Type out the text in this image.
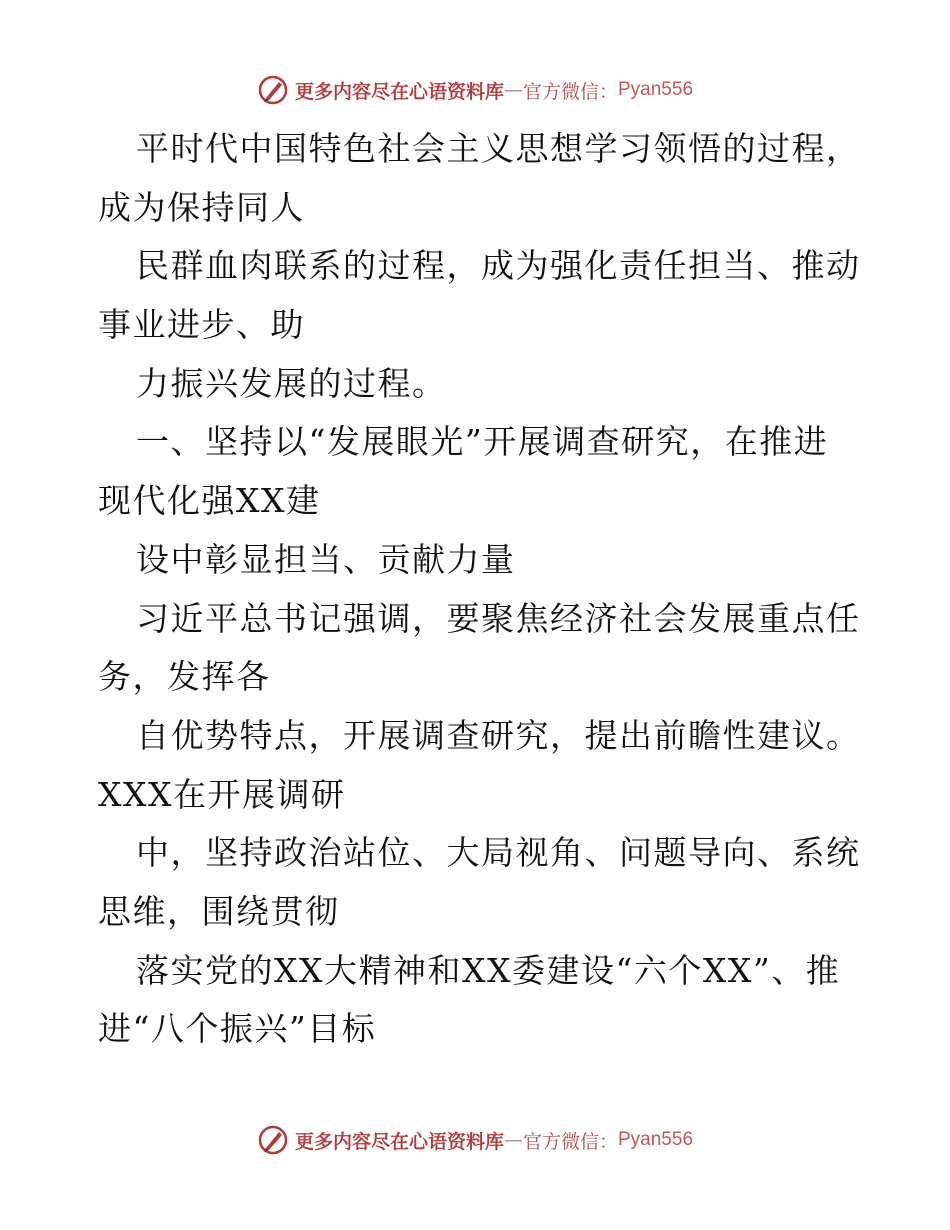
更多内容尽在心语资料库 — 官方微信： Pyan556
平时代中国特色社会主义思想学习领悟的过程，
成为保持同人
民群血肉联系的过程，成为强化责任担当、推动
事业进步、助
力振兴发展的过程。
一、坚持以“发展眼光”开展调查研究，在推进
现代化强XX建
设中彰显担当、贡献力量
习近平总书记强调，要聚焦经济社会发展重点任
务，发挥各
自优势特点，开展调查研究，提出前瞻性建议。
XXX在开展调研
中，坚持政治站位、大局视角、问题导向、系统
思维，围绕贯彻
落实党的XX大精神和XX委建设“六个XX”、推
进“八个振兴”目标
更多内容尽在心语资料库 — 官方微信： Pyan556
